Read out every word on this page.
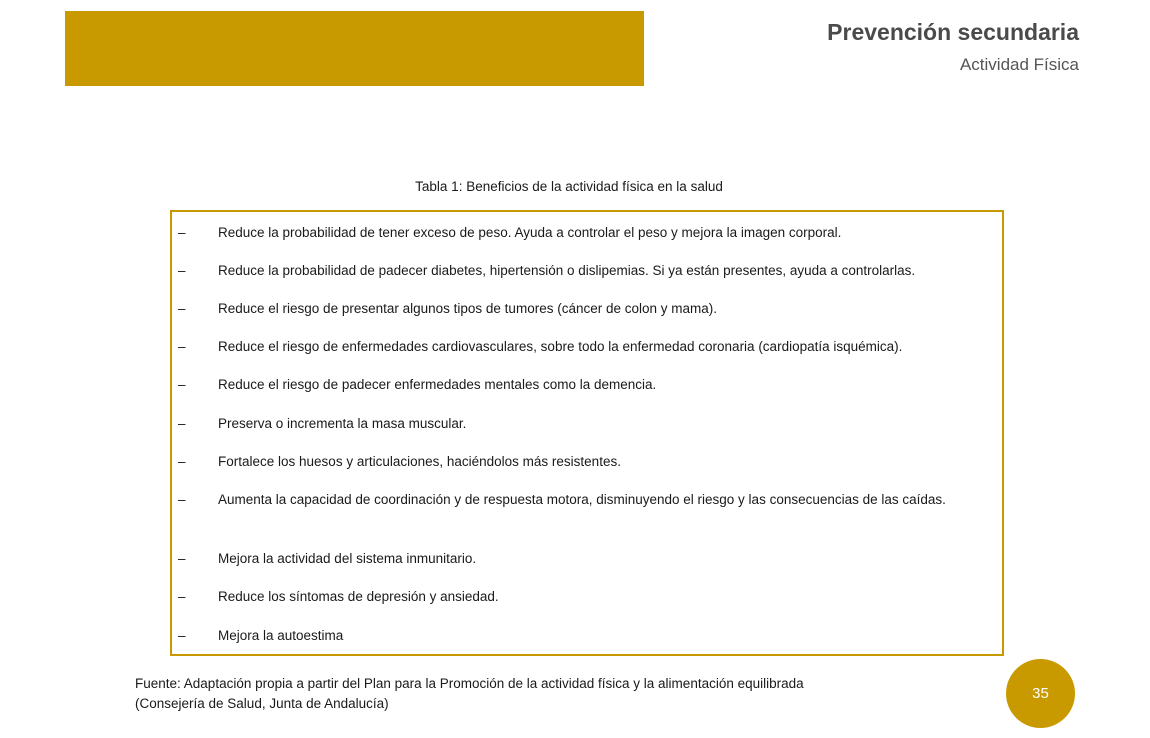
Prevención secundaria
Actividad Física
Tabla 1: Beneficios de la actividad física en la salud
–	Reduce la probabilidad de tener exceso de peso. Ayuda a controlar el peso y mejora la imagen corporal.
–	Reduce la probabilidad de padecer diabetes, hipertensión o dislipemias. Si ya están presentes, ayuda a controlarlas.
–	Reduce el riesgo de presentar algunos tipos de tumores (cáncer de colon y mama).
–	Reduce el riesgo de enfermedades cardiovasculares, sobre todo la enfermedad coronaria (cardiopatía isquémica).
–	Reduce el riesgo de padecer enfermedades mentales como la demencia.
–	Preserva o incrementa la masa muscular.
–	Fortalece los huesos y articulaciones, haciéndolos más resistentes.
–	Aumenta la capacidad de coordinación y de respuesta motora, disminuyendo el riesgo y las consecuencias de las caídas.
–	Mejora la actividad del sistema inmunitario.
–	Reduce los síntomas de depresión y ansiedad.
–	Mejora la autoestima
Fuente: Adaptación propia a partir del Plan para la Promoción de la actividad física y la alimentación equilibrada
(Consejería de Salud, Junta de Andalucía)
35
